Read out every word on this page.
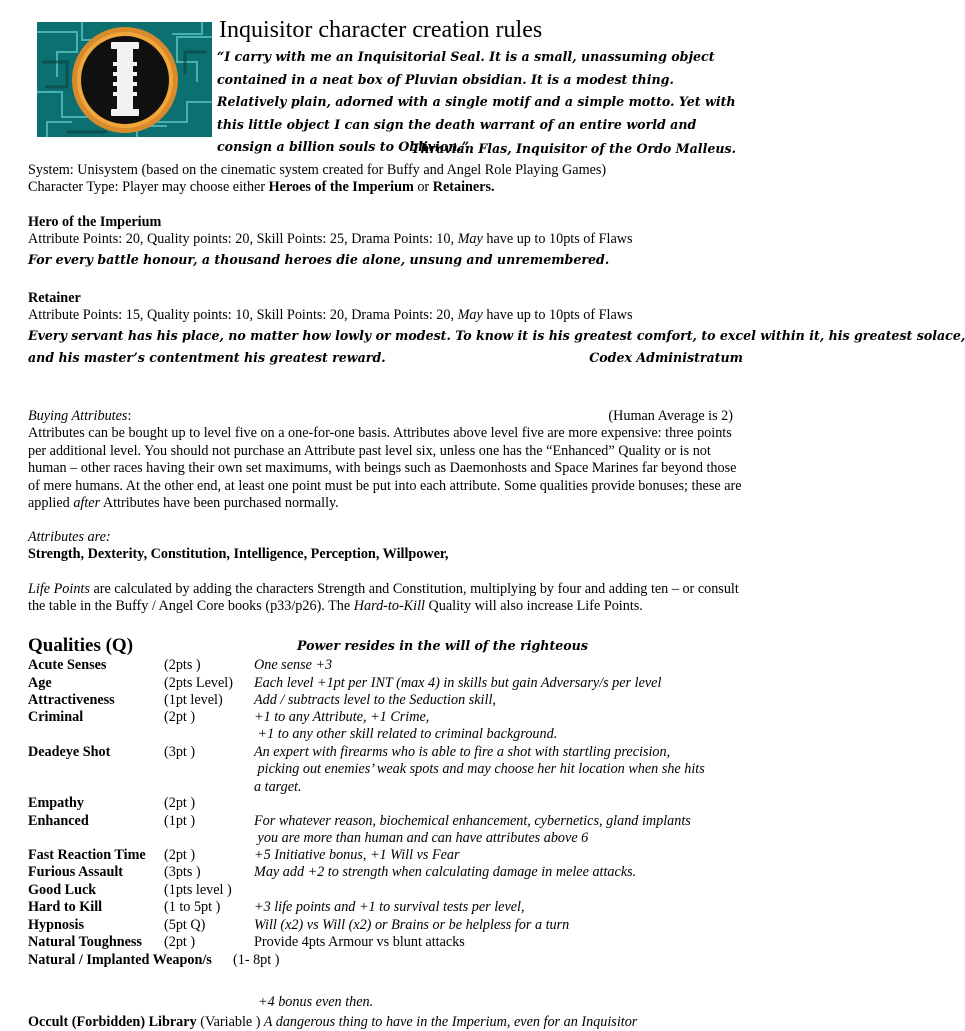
Inquisitor character creation rules
“I carry with me an Inquisitorial Seal. It is a small, unassuming object contained in a neat box of Pluvian obsidian. It is a modest thing. Relatively plain, adorned with a single motif and a simple motto. Yet with this little object I can sign the death warrant of an entire world and consign a billion souls to Oblivion.”
Thravian Flas, Inquisitor of the Ordo Malleus.
System: Unisystem (based on the cinematic system created for Buffy and Angel Role Playing Games)
Character Type: Player may choose either Heroes of the Imperium or Retainers.
Hero of the Imperium
Attribute Points: 20, Quality points: 20, Skill Points: 25, Drama Points: 10, May have up to 10pts of Flaws
For every battle honour, a thousand heroes die alone, unsung and unremembered.
Retainer
Attribute Points: 15, Quality points: 10, Skill Points: 20, Drama Points: 20, May have up to 10pts of Flaws
Every servant has his place, no matter how lowly or modest. To know it is his greatest comfort, to excel within it, his greatest solace,
and his master’s contentment his greatest reward.	Codex Administratum
Buying Attributes:	(Human Average is 2)
Attributes can be bought up to level five on a one-for-one basis. Attributes above level five are more expensive: three points per additional level. You should not purchase an Attribute past level six, unless one has the “Enhanced” Quality or is not human – other races having their own set maximums, with beings such as Daemonhosts and Space Marines far beyond those of mere humans. At the other end, at least one point must be put into each attribute. Some qualities provide bonuses; these are applied after Attributes have been purchased normally.
Attributes are:
Strength, Dexterity, Constitution, Intelligence, Perception, Willpower,
Life Points are calculated by adding the characters Strength and Constitution, multiplying by four and adding ten – or consult the table in the Buffy / Angel Core books (p33/p26). The Hard-to-Kill Quality will also increase Life Points.
Qualities (Q)	Power resides in the will of the righteous
Acute Senses	(2pts )	One sense +3
Age	(2pts Level) Each level +1pt per INT (max 4) in skills but gain Adversary/s per level
Attractiveness	(1pt level) Add / subtracts level to the Seduction skill,
Criminal	(2pt )	+1 to any Attribute, +1 Crime,
+1 to any other skill related to criminal background.
Deadeye Shot	(3pt )	An expert with firearms who is able to fire a shot with startling precision,
picking out enemies’ weak spots and may choose her hit location when she hits
a target.
Empathy	(2pt )
Enhanced	(1pt )	For whatever reason, biochemical enhancement, cybernetics, gland implants
you are more than human and can have attributes above 6
Fast Reaction Time (2pt )	+5 Initiative bonus, +1 Will vs Fear
Furious Assault	(3pts )	May add +2 to strength when calculating damage in melee attacks.
Good Luck	(1pts level )
Hard to Kill	(1 to 5pt ) +3 life points and +1 to survival tests per level,
Hypnosis	(5pt Q)	Will (x2) vs Will (x2) or Brains or be helpless for a turn
Natural Toughness (2pt )	Provide 4pts Armour vs blunt attacks
Natural / Implanted Weapon/s (1- 8pt )
+4 bonus even then.
Occult (Forbidden) Library (Variable ) A dangerous thing to have in the Imperium, even for an Inquisitor
